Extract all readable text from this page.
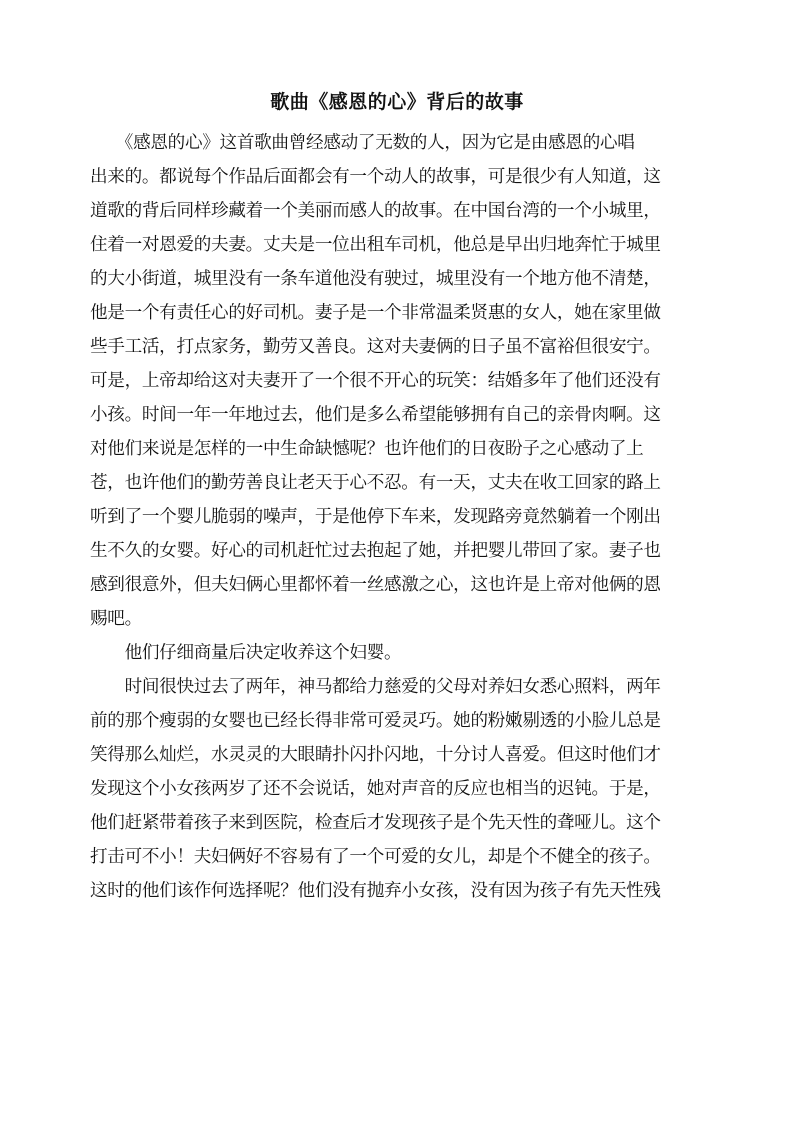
歌曲《感恩的心》背后的故事
　　《感恩的心》这首歌曲曾经感动了无数的人，因为它是由感恩的心唱
出来的。都说每个作品后面都会有一个动人的故事，可是很少有人知道，这
道歌的背后同样珍藏着一个美丽而感人的故事。在中国台湾的一个小城里，
住着一对恩爱的夫妻。丈夫是一位出租车司机，他总是早出归地奔忙于城里
的大小街道，城里没有一条车道他没有驶过，城里没有一个地方他不清楚，
他是一个有责任心的好司机。妻子是一个非常温柔贤惠的女人，她在家里做
些手工活，打点家务，勤劳又善良。这对夫妻俩的日子虽不富裕但很安宁。
可是，上帝却给这对夫妻开了一个很不开心的玩笑：结婚多年了他们还没有
小孩。时间一年一年地过去，他们是多么希望能够拥有自己的亲骨肉啊。这
对他们来说是怎样的一中生命缺憾呢？也许他们的日夜盼子之心感动了上
苍，也许他们的勤劳善良让老天于心不忍。有一天，丈夫在收工回家的路上
听到了一个婴儿脆弱的噪声，于是他停下车来，发现路旁竟然躺着一个刚出
生不久的女婴。好心的司机赶忙过去抱起了她，并把婴儿带回了家。妻子也
感到很意外，但夫妇俩心里都怀着一丝感激之心，这也许是上帝对他俩的恩
赐吧。
　　他们仔细商量后决定收养这个妇婴。
　　时间很快过去了两年，神马都给力慈爱的父母对养妇女悉心照料，两年
前的那个瘦弱的女婴也已经长得非常可爱灵巧。她的粉嫩剔透的小脸儿总是
笑得那么灿烂，水灵灵的大眼睛扑闪扑闪地，十分讨人喜爱。但这时他们才
发现这个小女孩两岁了还不会说话，她对声音的反应也相当的迟钝。于是，
他们赶紧带着孩子来到医院，检查后才发现孩子是个先天性的聋哑儿。这个
打击可不小！夫妇俩好不容易有了一个可爱的女儿，却是个不健全的孩子。
这时的他们该作何选择呢？他们没有抛弃小女孩，没有因为孩子有先天性残
